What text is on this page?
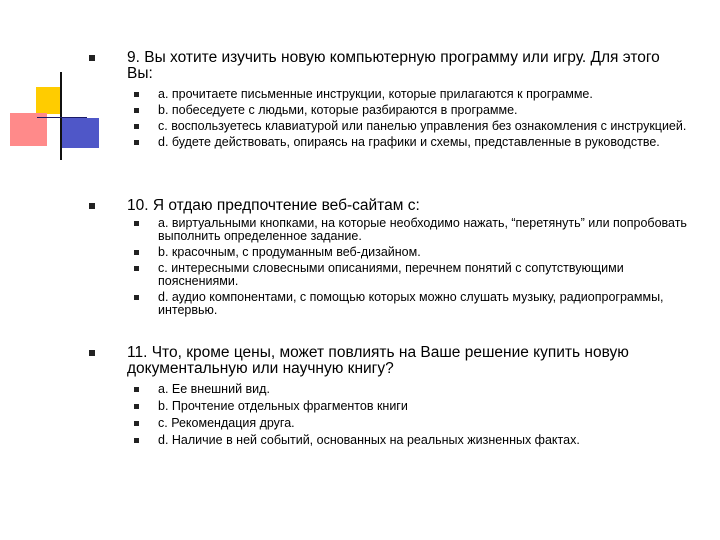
9. Вы хотите изучить новую компьютерную программу или игру. Для этого Вы:
a. прочитаете письменные инструкции, которые прилагаются к программе.
b. побеседуете с людьми, которые разбираются в программе.
c. воспользуетесь клавиатурой или панелью управления без ознакомления с инструкцией.
d. будете действовать, опираясь на графики и схемы, представленные в руководстве.
10. Я отдаю предпочтение веб-сайтам с:
a. виртуальными кнопками, на которые необходимо нажать, “перетянуть” или попробовать выполнить определенное задание.
b. красочным, с продуманным веб-дизайном.
c. интересными словесными описаниями, перечнем понятий с сопутствующими пояснениями.
d. аудио компонентами, с помощью которых можно слушать музыку, радиопрограммы, интервью.
11. Что, кроме цены, может повлиять на Ваше решение купить новую документальную или научную книгу?
a. Ее внешний вид.
b. Прочтение отдельных фрагментов книги
c. Рекомендация друга.
d. Наличие в ней событий, основанных на реальных жизненных фактах.
